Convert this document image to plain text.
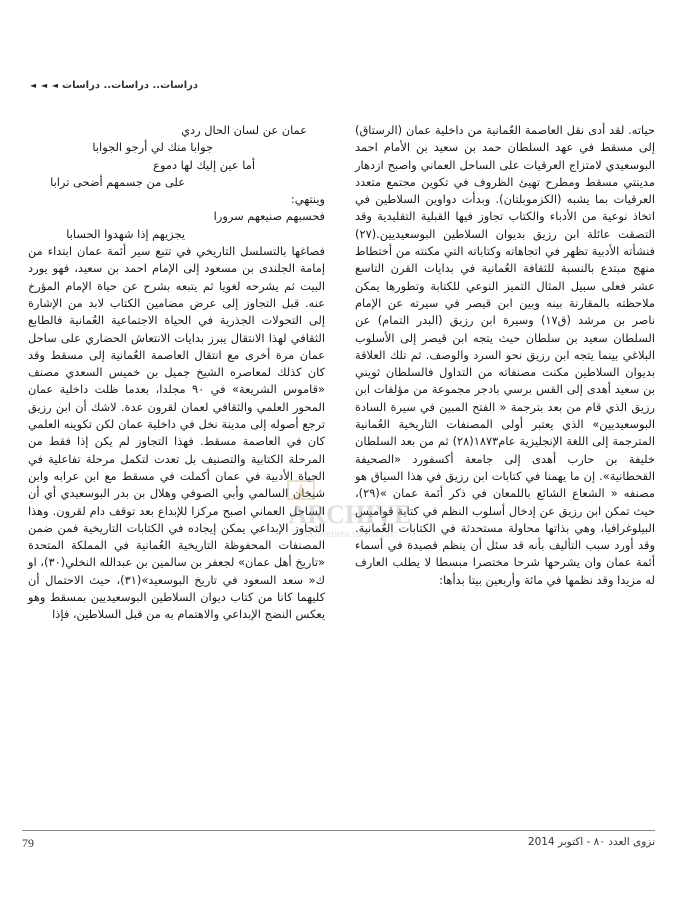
دراسات.. دراسات.. دراسات
◄ ◄ ◄

حياته. لقد أدى نقل العاصمة العُمانية من داخلية عمان (الرستاق) إلى مسقط في عهد السلطان حمد بن سعيد بن الأمام احمد البوسعيدي لامتزاج العرقيات على الساحل العماني واصبح ازدهار مدينتي مسقط ومطرح تهيئ الظروف في تكوين مجتمع متعدد العرقيات بما يشبه (الكزموبلتان). وبدأت دواوين السلاطين في اتخاذ نوعية من الأدباء والكتاب تجاوز فيها القبلية التقليدية وقد التصقت عائلة ابن رزيق بديوان السلاطين البوسعيديين.(٢٧) فنشأته الأدبية تظهر في اتجاهاته وكتاباته التي مكنته من أختطاط منهج مبتدع بالنسبة للثقافة العُمانية في بدايات القرن التاسع عشر فعلى سبيل المثال التميز النوعي للكتابة وتطورها يمكن ملاحظته بالمقارنة بينه وبين ابن قيصر في سيرته عن الإمام ناصر بن مرشد (ق١٧) وسيرة ابن رزيق (البدر التمام) عن السلطان سعيد بن سلطان حيث يتجه ابن قيصر إلى الأسلوب البلاغي بينما يتجه ابن رزيق نحو السرد والوصف. ثم تلك العلاقة بديوان السلاطين مكنت مصنفاته من التداول فالسلطان ثويني بن سعيد أهدى إلى القس برسي بادجر مجموعة من مؤلفات ابن رزيق الذي قام من بعد بترجمة « الفتح المبين في سيرة السادة البوسعيديين» الذي يعتبر أولى المصنفات التاريخية العُمانية المترجمة إلى اللغة الإنجليزية عام١٨٧٣(٢٨) ثم من بعد السلطان خليفة بن حارب أهدى إلى جامعة أكسفورد «الصحيفة القحطانية». إن ما يهمنا في كتابات ابن رزيق في هذا السياق هو مصنفه « الشعاع الشائع باللمعان في ذكر أئمة عمان »(٢٩)، حيث تمكن ابن رزيق عن إدخال أسلوب النظم في كتابة قواميس البيلوغرافيا، وهي بذاتها محاولة مستحدثة في الكتابات العُمانية. وقد أورد سبب التأليف بأنه قد سئل أن ينظم قصيدة في أسماء أئمة عمان وان يشرحها شرحا مختصرا مبسطا لا يطلب العارف له مزيدا وقد نظمها في مائة وأربعين بيتا بدأها:

عمان عن لسان الحال ردي
جوابا منك لي أرجو الجوابا
أما عين إليك لها دموع
على من جسمهم أضحى ترابا
وينتهي:
فحسبهم صنيعهم سرورا
يجزيهم إذا شهدوا الحسابا

فصاغها بالتسلسل التاريخي في تتبع سير أئمة عمان ابتداء من إمامة الجلندى بن مسعود إلى الإمام احمد بن سعيد، فهو يورد البيت ثم يشرحه لغويا ثم يتبعه بشرح عن حياة الإمام المؤرخ عنه. قبل التجاوز إلى عرض مضامين الكتاب لابد من الإشارة إلى التحولات الجذرية في الحياة الاجتماعية العُمانية فالطابع الثقافي لهذا الانتقال يبرز بدايات الانتعاش الحضاري على ساحل عمان مرة أخرى مع انتقال العاصمة العُمانية إلى مسقط وقد كان كذلك لمعاصره الشيخ جميل بن خميس السعدي مصنف «قاموس الشريعة» في ٩٠ مجلدا، بعدما ظلت داخلية عمان المحور العلمي والثقافي لعمان لقرون عدة. لاشك أن ابن رزيق ترجع أصوله إلى مدينة نخل في داخلية عمان لكن تكوينه العلمي كان في العاصمة مسقط. فهذا التجاوز لم يكن إذا فقط من المرحلة الكتابية والتصنيف بل تعدت لتكمل مرحلة تفاعلية في الحياة الأدبية في عمان أكملت في مسقط مع ابن عرابه وابن شيخان السالمي وأبي الصوفي وهلال بن بدر البوسعيدي أي أن الساحل العماني اصبح مركزا للإبداع بعد توقف دام لقرون. وهذا التجاوز الإبداعي يمكن إيجاده في الكتابات التاريخية فمن ضمن المصنفات المحفوظة التاريخية العُمانية في المملكة المتحدة «تاريخ أهل عمان» لجعفر بن سالمين بن عبدالله النخلي(٣٠)، او ك« سعد السعود في تاريخ البوسعيد»(٣١)، حيث الاحتمال أن كليهما كانا من كتاب ديوان السلاطين البوسعيديين بمسقط وهو يعكس النضج الإبداعي والاهتمام به من قبل السلاطين، فإذا

ARCHIVE
archivebeta.sakhrit.com
79	نزوى العدد ٨٠ - اكتوبر 2014
